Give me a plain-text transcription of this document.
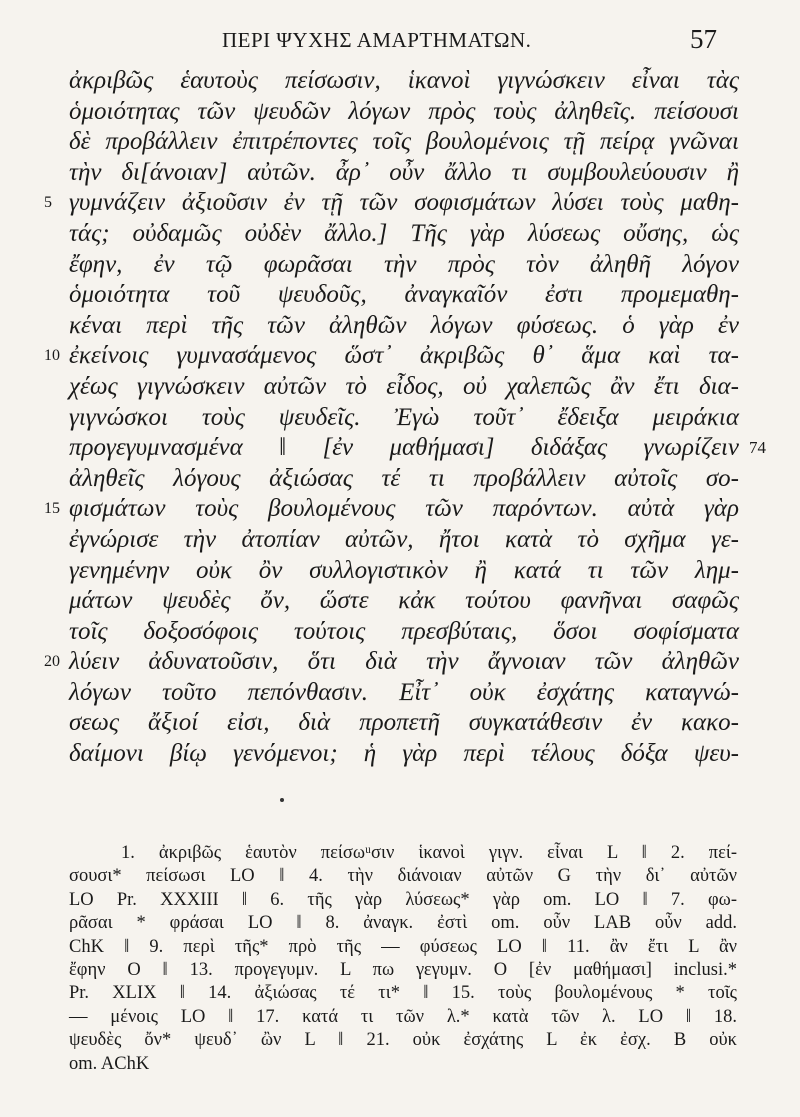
ΠΕΡΙ ΨΥΧΗΣ ΑΜΑΡΤΗΜΑΤΩΝ.	57
ἀκριβῶς ἑαυτοὺς πείσωσιν, ἱκανοὶ γιγνώσκειν εἶναι τὰς
ὁμοιότητας τῶν ψευδῶν λόγων πρὸς τοὺς ἀληθεῖς. πείσουσι
δὲ προβάλλειν ἐπιτρέποντες τοῖς βουλομένοις τῇ πείρᾳ γνῶναι
τὴν δι[άνοιαν] αὐτῶν. ἆρ᾽ οὖν ἄλλο τι συμβουλεύουσιν ἢ
5 γυμνάζειν ἀξιοῦσιν ἐν τῇ τῶν σοφισμάτων λύσει τοὺς μαθη-
τάς; οὐδαμῶς οὐδὲν ἄλλο.] Τῆς γὰρ λύσεως οὔσης, ὡς
ἔφην, ἐν τῷ φωρᾶσαι τὴν πρὸς τὸν ἀληθῆ λόγον
ὁμοιότητα τοῦ ψευδοῦς, ἀναγκαῖόν ἐστι προμεμαθη-
κέναι περὶ τῆς τῶν ἀληθῶν λόγων φύσεως. ὁ γὰρ ἐν
10 ἐκείνοις γυμνασάμενος ὥστ᾽ ἀκριβῶς θ᾽ ἅμα καὶ τα-
χέως γιγνώσκειν αὐτῶν τὸ εἶδος, οὐ χαλεπῶς ἂν ἔτι δια-
γιγνώσκοι τοὺς ψευδεῖς. Ἐγὼ τοῦτ᾽ ἔδειξα μειράκια
προγεγυμνασμένα ‖ [ἐν μαθήμασι] διδάξας γνωρίζειν 74
ἀληθεῖς λόγους ἀξιώσας τέ τι προβάλλειν αὐτοῖς σο-
15 φισμάτων τοὺς βουλομένους τῶν παρόντων. αὐτὰ γὰρ
ἐγνώρισε τὴν ἀτοπίαν αὐτῶν, ἤτοι κατὰ τὸ σχῆμα γε-
γενημένην οὐκ ὂν συλλογιστικὸν ἢ κατά τι τῶν λημ-
μάτων ψευδὲς ὄν, ὥστε κἀκ τούτου φανῆναι σαφῶς
τοῖς δοξοσόφοις τούτοις πρεσβύταις, ὅσοι σοφίσματα
20 λύειν ἀδυνατοῦσιν, ὅτι διὰ τὴν ἄγνοιαν τῶν ἀληθῶν
λόγων τοῦτο πεπόνθασιν. Εἶτ᾽ οὐκ ἐσχάτης καταγνώ-
σεως ἄξιοί εἰσι, διὰ προπετῆ συγκατάθεσιν ἐν κακο-
δαίμονι βίῳ γενόμενοι; ἡ γὰρ περὶ τέλους δόξα ψευ-
1. ἀκριβῶς ἑαυτὸν πείσωᵘσιν ἱκανοὶ γιγν. εἶναι L ‖ 2. πεί-
σουσι* πείσωσι LO ‖ 4. τὴν διάνοιαν αὐτῶν G τὴν δι᾽ αὐτῶν
LO Pr. XXXIII ‖ 6. τῆς γὰρ λύσεως* γὰρ om. LO ‖ 7. φω-
ρᾶσαι * φράσαι LO ‖ 8. ἀναγκ. ἐστὶ om. οὖν LAB οὖν add.
ChK ‖ 9. περὶ τῆς* πρὸ τῆς — φύσεως LO ‖ 11. ἂν ἔτι L ἂν
ἔφην O ‖ 13. προγεγυμν. L πω γεγυμν. O [ἐν μαθήμασι] inclusi.*
Pr. XLIX ‖ 14. ἀξιώσας τέ τι* ‖ 15. τοὺς βουλομένους * τοῖς
— μένοις LO ‖ 17. κατά τι τῶν λ.* κατὰ τῶν λ. LO ‖ 18.
ψευδὲς ὄν* ψευδ᾽ ὢν L ‖ 21. οὐκ ἐσχάτης L ἐκ ἐσχ. B οὐκ
om. AChK
